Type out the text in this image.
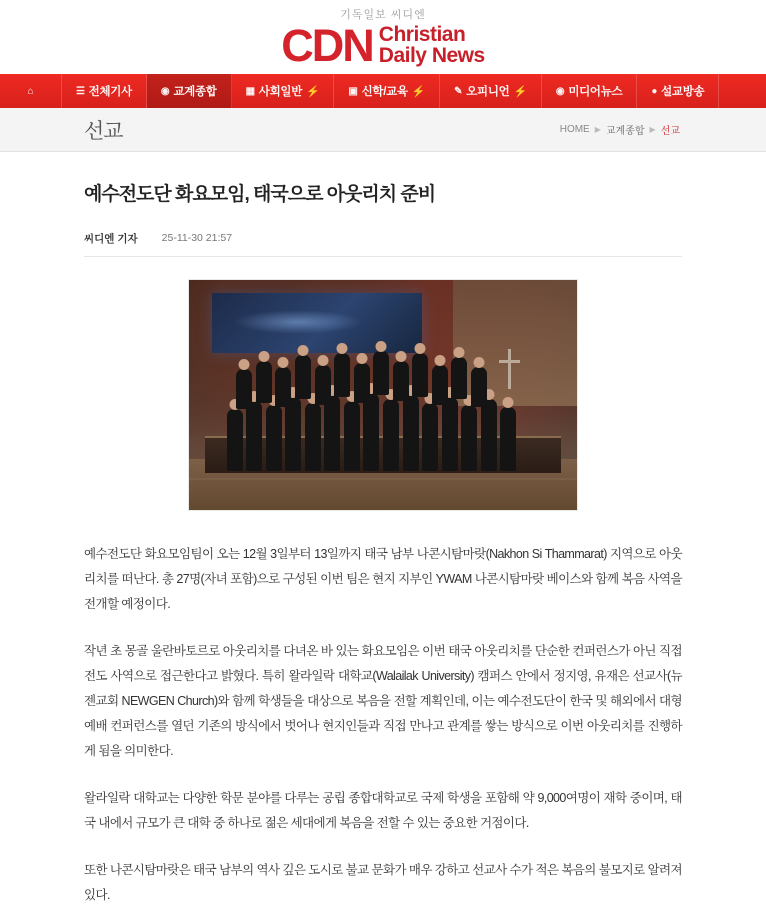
기독일보 씨디엔
CDN Christian
Daily News
⌂	☰ 전체기사	◉ 교계종합	▦ 사회일반 ⚡	▣ 신학/교육 ⚡	✎ 오피니언 ⚡	◉ 미디어뉴스	● 설교방송
선교	HOME ▶ 교계종합 ▶ 선교
예수전도단 화요모임, 태국으로 아웃리치 준비
씨디엔 기자 25-11-30 21:57

예수전도단 화요모임팀이 오는 12월 3일부터 13일까지 태국 남부 나콘시탐마랏(Nakhon Si Thammarat) 지역으로 아웃리치를 떠난다. 총 27명(자녀 포함)으로 구성된 이번 팀은 현지 지부인 YWAM 나콘시탐마랏 베이스와 함께 복음 사역을 전개할 예정이다.

작년 초 몽골 울란바토르로 아웃리치를 다녀온 바 있는 화요모임은 이번 태국 아웃리치를 단순한 컨퍼런스가 아닌 직접 전도 사역으로 접근한다고 밝혔다. 특히 왈라일락 대학교(Walailak University) 캠퍼스 안에서 정지영, 유재은 선교사(뉴젠교회 NEWGEN Church)와 함께 학생들을 대상으로 복음을 전할 계획인데, 이는 예수전도단이 한국 및 해외에서 대형 예배 컨퍼런스를 열던 기존의 방식에서 벗어나 현지인들과 직접 만나고 관계를 쌓는 방식으로 이번 아웃리치를 진행하게 됨을 의미한다.

왈라일락 대학교는 다양한 학문 분야를 다루는 공립 종합대학교로 국제 학생을 포함해 약 9,000여명이 재학 중이며, 태국 내에서 규모가 큰 대학 중 하나로 젊은 세대에게 복음을 전할 수 있는 중요한 거점이다.

또한 나콘시탐마랏은 태국 남부의 역사 깊은 도시로 불교 문화가 매우 강하고 선교사 수가 적은 복음의 불모지로 알려져 있다.
